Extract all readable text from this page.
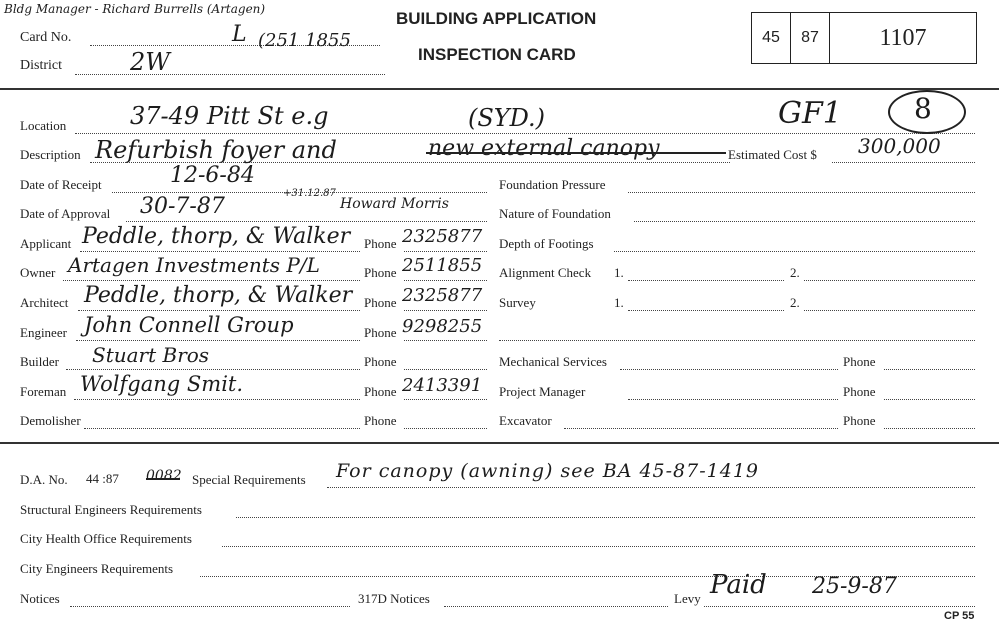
Bldg Manager - Richard Burrells (Artagen)
Card No.	L (251 1855
District	2W
BUILDING APPLICATION
INSPECTION CARD
45	87	1107
Location	37-49 Pitt St e.g	(SYD.)	GF1	8
Description Refurbish foyer and	new external canopy	Estimated Cost $ 300,000
Date of Receipt	12-6-84
Date of Approval 30-7-87
+31.12.87
Howard Morris
Applicant Peddle, thorp, & Walker Phone 2325877
Owner Artagen Investments P/L	Phone 2511855
Architect Peddle, thorp, & Walker Phone 2325877
Engineer John Connell Group	Phone 9298255
Builder Stuart Bros	Phone
Foreman Wolfgang Smit.	Phone 2413391
Demolisher	Phone
Foundation Pressure
Nature of Foundation
Depth of Footings
Alignment Check 1.	2.
Survey	1.	2.
Mechanical Services	Phone
Project Manager	Phone
Excavator	Phone
D.A. No. 44 :87 0082 Special Requirements For canopy (awning) see BA 45-87-1419
Structural Engineers Requirements
City Health Office Requirements
City Engineers Requirements
Notices	317D Notices	Levy Paid 25-9-87
CP 55
